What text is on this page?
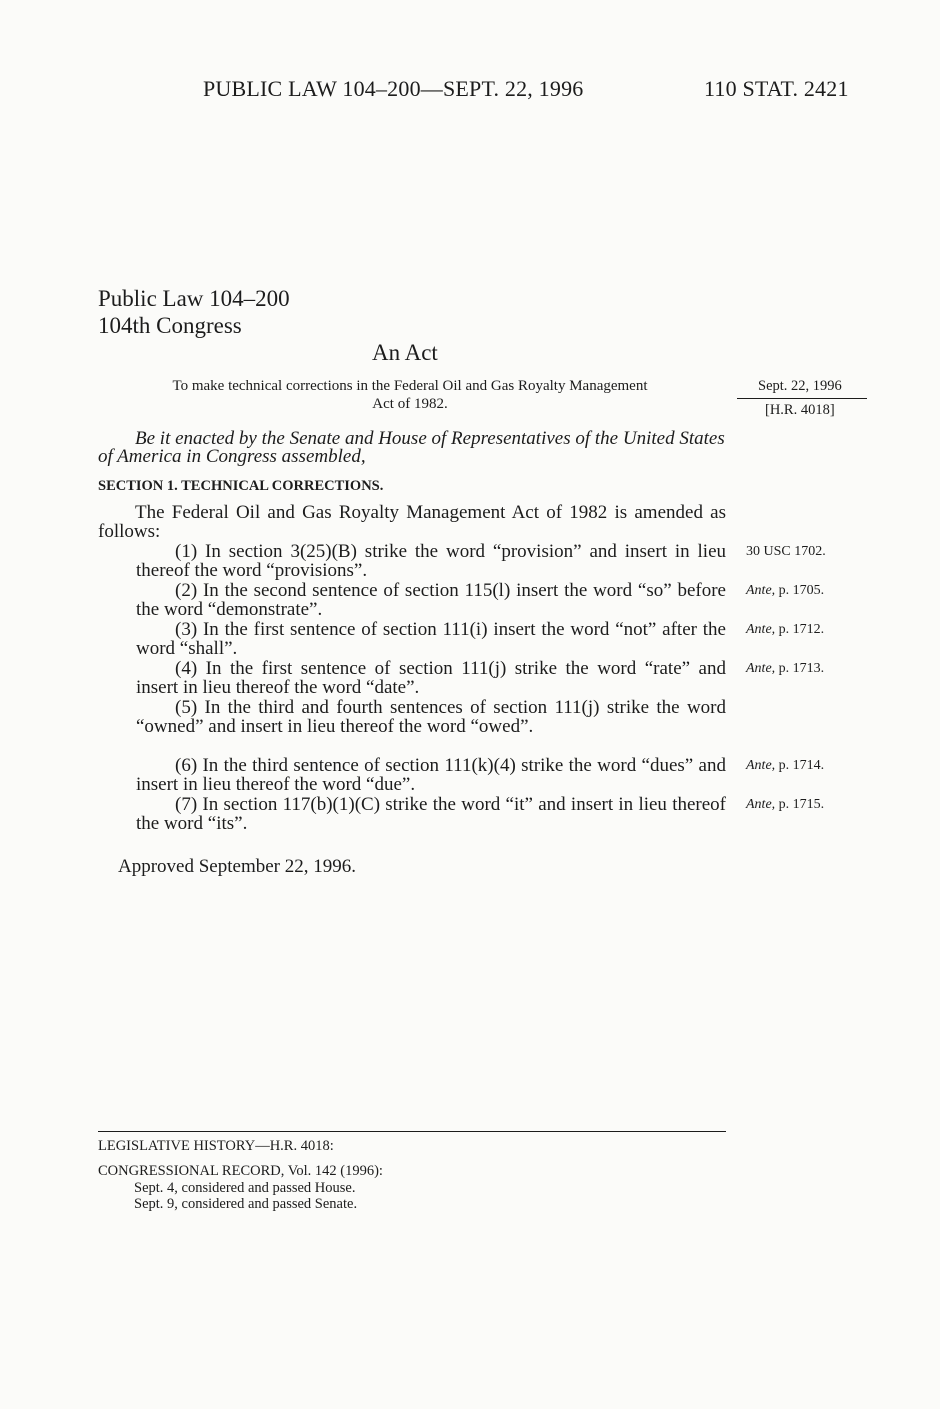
PUBLIC LAW 104–200—SEPT. 22, 1996	110 STAT. 2421
Public Law 104–200
104th Congress
An Act
To make technical corrections in the Federal Oil and Gas Royalty Management
Act of 1982.
Sept. 22, 1996
[H.R. 4018]
Be it enacted by the Senate and House of Representatives of the United States of America in Congress assembled,
SECTION 1. TECHNICAL CORRECTIONS.
The Federal Oil and Gas Royalty Management Act of 1982 is amended as follows:
(1) In section 3(25)(B) strike the word “provision” and insert in lieu thereof the word “provisions”.
(2) In the second sentence of section 115(l) insert the word “so” before the word “demonstrate”.
(3) In the first sentence of section 111(i) insert the word “not” after the word “shall”.
(4) In the first sentence of section 111(j) strike the word “rate” and insert in lieu thereof the word “date”.
(5) In the third and fourth sentences of section 111(j) strike the word “owned” and insert in lieu thereof the word “owed”.
(6) In the third sentence of section 111(k)(4) strike the word “dues” and insert in lieu thereof the word “due”.
(7) In section 117(b)(1)(C) strike the word “it” and insert in lieu thereof the word “its”.
30 USC 1702.
Ante, p. 1705.
Ante, p. 1712.
Ante, p. 1713.
Ante, p. 1714.
Ante, p. 1715.
Approved September 22, 1996.
LEGISLATIVE HISTORY—H.R. 4018:
CONGRESSIONAL RECORD, Vol. 142 (1996):
Sept. 4, considered and passed House.
Sept. 9, considered and passed Senate.
